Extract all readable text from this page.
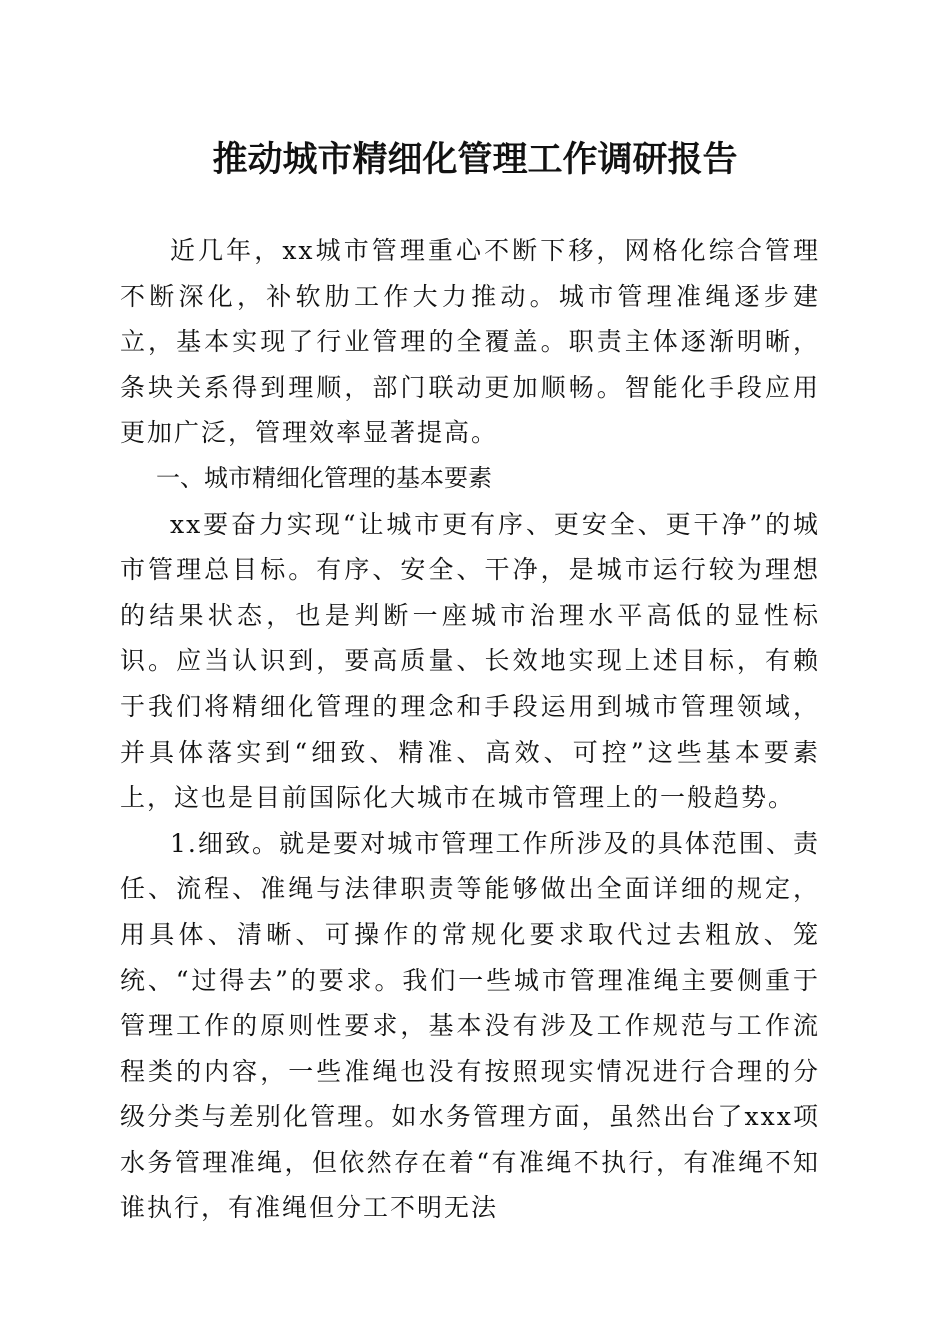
推动城市精细化管理工作调研报告

近几年，xx城市管理重心不断下移，网格化综合管理不断深化，补软肋工作大力推动。城市管理准绳逐步建立，基本实现了行业管理的全覆盖。职责主体逐渐明晰，条块关系得到理顺，部门联动更加顺畅。智能化手段应用更加广泛，管理效率显著提高。

一、城市精细化管理的基本要素

xx要奋力实现“让城市更有序、更安全、更干净”的城市管理总目标。有序、安全、干净，是城市运行较为理想的结果状态，也是判断一座城市治理水平高低的显性标识。应当认识到，要高质量、长效地实现上述目标，有赖于我们将精细化管理的理念和手段运用到城市管理领域，并具体落实到“细致、精准、高效、可控”这些基本要素上，这也是目前国际化大城市在城市管理上的一般趋势。

1.细致。就是要对城市管理工作所涉及的具体范围、责任、流程、准绳与法律职责等能够做出全面详细的规定，用具体、清晰、可操作的常规化要求取代过去粗放、笼统、“过得去”的要求。我们一些城市管理准绳主要侧重于管理工作的原则性要求，基本没有涉及工作规范与工作流程类的内容，一些准绳也没有按照现实情况进行合理的分级分类与差别化管理。如水务管理方面，虽然出台了xxx项水务管理准绳，但依然存在着“有准绳不执行，有准绳不知谁执行，有准绳但分工不明无法
